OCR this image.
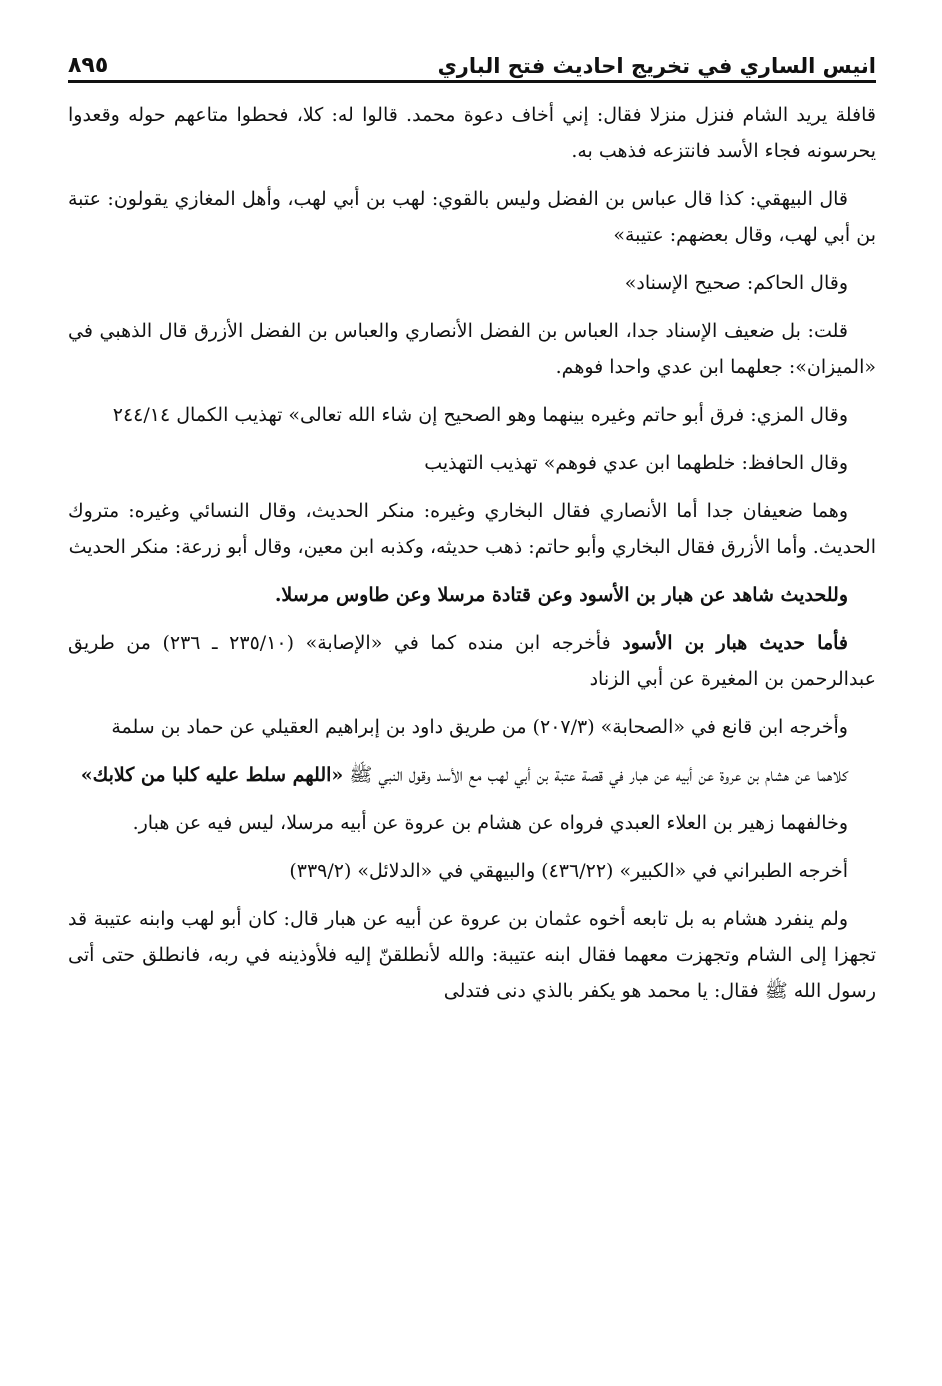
انيس الساري في تخريج احاديث فتح الباري
٨٩٥

قافلة يريد الشام فنزل منزلا فقال: إني أخاف دعوة محمد. قالوا له: كلا، فحطوا متاعهم حوله وقعدوا يحرسونه فجاء الأسد فانتزعه فذهب به.

قال البيهقي: كذا قال عباس بن الفضل وليس بالقوي: لهب بن أبي لهب، وأهل المغازي يقولون: عتبة بن أبي لهب، وقال بعضهم: عتيبة»

وقال الحاكم: صحيح الإسناد»

قلت: بل ضعيف الإسناد جدا، العباس بن الفضل الأنصاري والعباس بن الفضل الأزرق قال الذهبي في «الميزان»: جعلهما ابن عدي واحدا فوهم.

وقال المزي: فرق أبو حاتم وغيره بينهما وهو الصحيح إن شاء الله تعالى» تهذيب الكمال ٢٤٤/١٤

وقال الحافظ: خلطهما ابن عدي فوهم» تهذيب التهذيب

وهما ضعيفان جدا أما الأنصاري فقال البخاري وغيره: منكر الحديث، وقال النسائي وغيره: متروك الحديث. وأما الأزرق فقال البخاري وأبو حاتم: ذهب حديثه، وكذبه ابن معين، وقال أبو زرعة: منكر الحديث

وللحديث شاهد عن هبار بن الأسود وعن قتادة مرسلا وعن طاوس مرسلا.

فأما حديث هبار بن الأسود فأخرجه ابن منده كما في «الإصابة» (٢٣٥/١٠ ـ ٢٣٦) من طريق عبدالرحمن بن المغيرة عن أبي الزناد

وأخرجه ابن قانع في «الصحابة» (٢٠٧/٣) من طريق داود بن إبراهيم العقيلي عن حماد بن سلمة

كلاهما عن هشام بن عروة عن أبيه عن هبار في قصة عتبة بن أبي لهب مع الأسد وقول النبي ﷺ «اللهم سلط عليه كلبا من كلابك»

وخالفهما زهير بن العلاء العبدي فرواه عن هشام بن عروة عن أبيه مرسلا، ليس فيه عن هبار.

أخرجه الطبراني في «الكبير» (٤٣٦/٢٢) والبيهقي في «الدلائل» (٣٣٩/٢)

ولم ينفرد هشام به بل تابعه أخوه عثمان بن عروة عن أبيه عن هبار قال: كان أبو لهب وابنه عتيبة قد تجهزا إلى الشام وتجهزت معهما فقال ابنه عتيبة: والله لأنطلقنّ إليه فلأوذينه في ربه، فانطلق حتى أتى رسول الله ﷺ فقال: يا محمد هو يكفر بالذي دنى فتدلى
